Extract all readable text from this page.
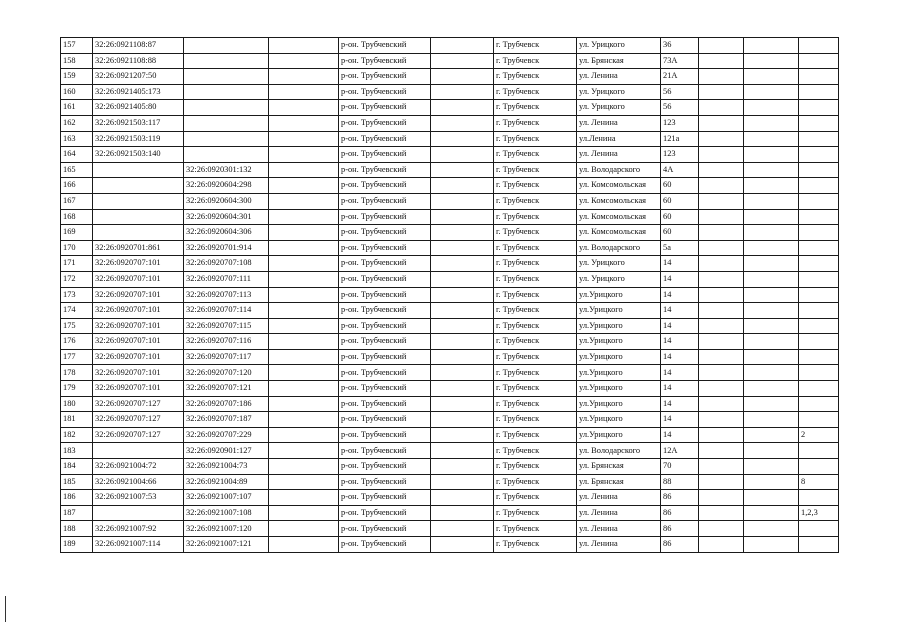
157	32:26:0921108:87			р-он. Трубчевский		г. Трубчевск	ул. Урицкого	36			
158	32:26:0921108:88			р-он. Трубчевский		г. Трубчевск	ул. Брянская	73А			
159	32:26:0921207:50			р-он. Трубчевский		г. Трубчевск	ул. Ленина	21А			
160	32:26:0921405:173			р-он. Трубчевский		г. Трубчевск	ул. Урицкого	56			
161	32:26:0921405:80			р-он. Трубчевский		г. Трубчевск	ул. Урицкого	56			
162	32:26:0921503:117			р-он. Трубчевский		г. Трубчевск	ул. Ленина	123			
163	32:26:0921503:119			р-он. Трубчевский		г. Трубчевск	ул.Ленина	121а			
164	32:26:0921503:140			р-он. Трубчевский		г. Трубчевск	ул. Ленина	123			
165		32:26:0920301:132		р-он. Трубчевский		г. Трубчевск	ул. Володарского	4А			
166		32:26:0920604:298		р-он. Трубчевский		г. Трубчевск	ул. Комсомольская	60			
167		32:26:0920604:300		р-он. Трубчевский		г. Трубчевск	ул. Комсомольская	60			
168		32:26:0920604:301		р-он. Трубчевский		г. Трубчевск	ул. Комсомольская	60			
169		32:26:0920604:306		р-он. Трубчевский		г. Трубчевск	ул. Комсомольская	60			
170	32:26:0920701:861	32:26:0920701:914		р-он. Трубчевский		г. Трубчевск	ул. Володарского	5а			
171	32:26:0920707:101	32:26:0920707:108		р-он. Трубчевский		г. Трубчевск	ул. Урицкого	14			
172	32:26:0920707:101	32:26:0920707:111		р-он. Трубчевский		г. Трубчевск	ул. Урицкого	14			
173	32:26:0920707:101	32:26:0920707:113		р-он. Трубчевский		г. Трубчевск	ул.Урицкого	14			
174	32:26:0920707:101	32:26:0920707:114		р-он. Трубчевский		г. Трубчевск	ул.Урицкого	14			
175	32:26:0920707:101	32:26:0920707:115		р-он. Трубчевский		г. Трубчевск	ул.Урицкого	14			
176	32:26:0920707:101	32:26:0920707:116		р-он. Трубчевский		г. Трубчевск	ул.Урицкого	14			
177	32:26:0920707:101	32:26:0920707:117		р-он. Трубчевский		г. Трубчевск	ул.Урицкого	14			
178	32:26:0920707:101	32:26:0920707:120		р-он. Трубчевский		г. Трубчевск	ул.Урицкого	14			
179	32:26:0920707:101	32:26:0920707:121		р-он. Трубчевский		г. Трубчевск	ул.Урицкого	14			
180	32:26:0920707:127	32:26:0920707:186		р-он. Трубчевский		г. Трубчевск	ул.Урицкого	14			
181	32:26:0920707:127	32:26:0920707:187		р-он. Трубчевский		г. Трубчевск	ул.Урицкого	14			
182	32:26:0920707:127	32:26:0920707:229		р-он. Трубчевский		г. Трубчевск	ул.Урицкого	14			2
183		32:26:0920901:127		р-он. Трубчевский		г. Трубчевск	ул. Володарского	12А			
184	32:26:0921004:72	32:26:0921004:73		р-он. Трубчевский		г. Трубчевск	ул. Брянская	70			
185	32:26:0921004:66	32:26:0921004:89		р-он. Трубчевский		г. Трубчевск	ул. Брянская	88			8
186	32:26:0921007:53	32:26:0921007:107		р-он. Трубчевский		г. Трубчевск	ул. Ленина	86			
187		32:26:0921007:108		р-он. Трубчевский		г. Трубчевск	ул. Ленина	86			1,2,3
188	32:26:0921007:92	32:26:0921007:120		р-он. Трубчевский		г. Трубчевск	ул. Ленина	86			
189	32:26:0921007:114	32:26:0921007:121		р-он. Трубчевский		г. Трубчевск	ул. Ленина	86			
